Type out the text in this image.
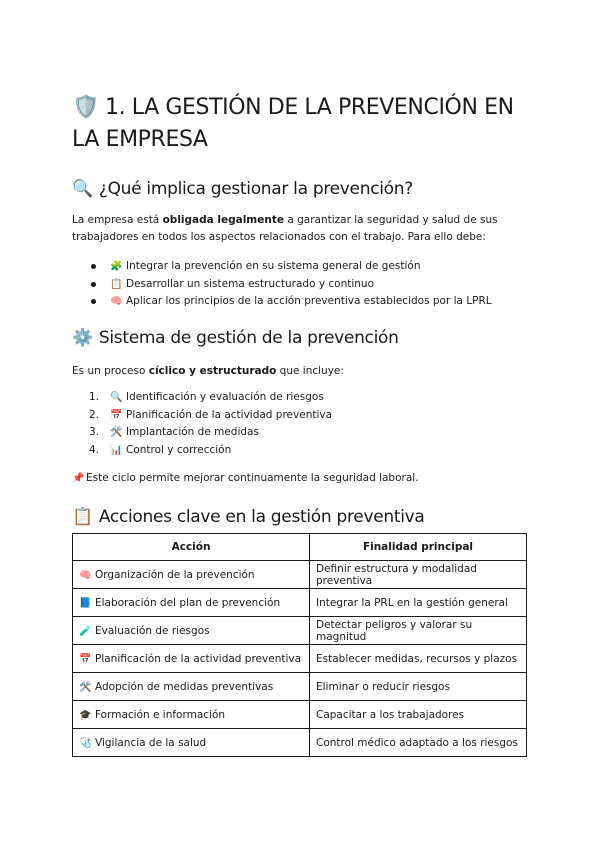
🛡️ 1. LA GESTIÓN DE LA PREVENCIÓN EN LA EMPRESA
🔍 ¿Qué implica gestionar la prevención?

La empresa está obligada legalmente a garantizar la seguridad y salud de sus trabajadores en todos los aspectos relacionados con el trabajo. Para ello debe:

🧩 Integrar la prevención en su sistema general de gestión
📋 Desarrollar un sistema estructurado y continuo
🧠 Aplicar los principios de la acción preventiva establecidos por la LPRL
⚙️ Sistema de gestión de la prevención

Es un proceso cíclico y estructurado que incluye:

1. 🔍 Identificación y evaluación de riesgos
2. 📅 Planificación de la actividad preventiva
3. 🛠️ Implantación de medidas
4. 📊 Control y corrección

📌 Este ciclo permite mejorar continuamente la seguridad laboral.

📋 Acciones clave en la gestión preventiva
Acción	Finalidad principal
🧠 Organización de la prevención	Definir estructura y modalidad preventiva
📘 Elaboración del plan de prevención	Integrar la PRL en la gestión general
🧪 Evaluación de riesgos	Detectar peligros y valorar su magnitud
📅 Planificación de la actividad preventiva	Establecer medidas, recursos y plazos
🛠️ Adopción de medidas preventivas	Eliminar o reducir riesgos
🎓 Formación e información	Capacitar a los trabajadores
🩺 Vigilancia de la salud	Control médico adaptado a los riesgos
